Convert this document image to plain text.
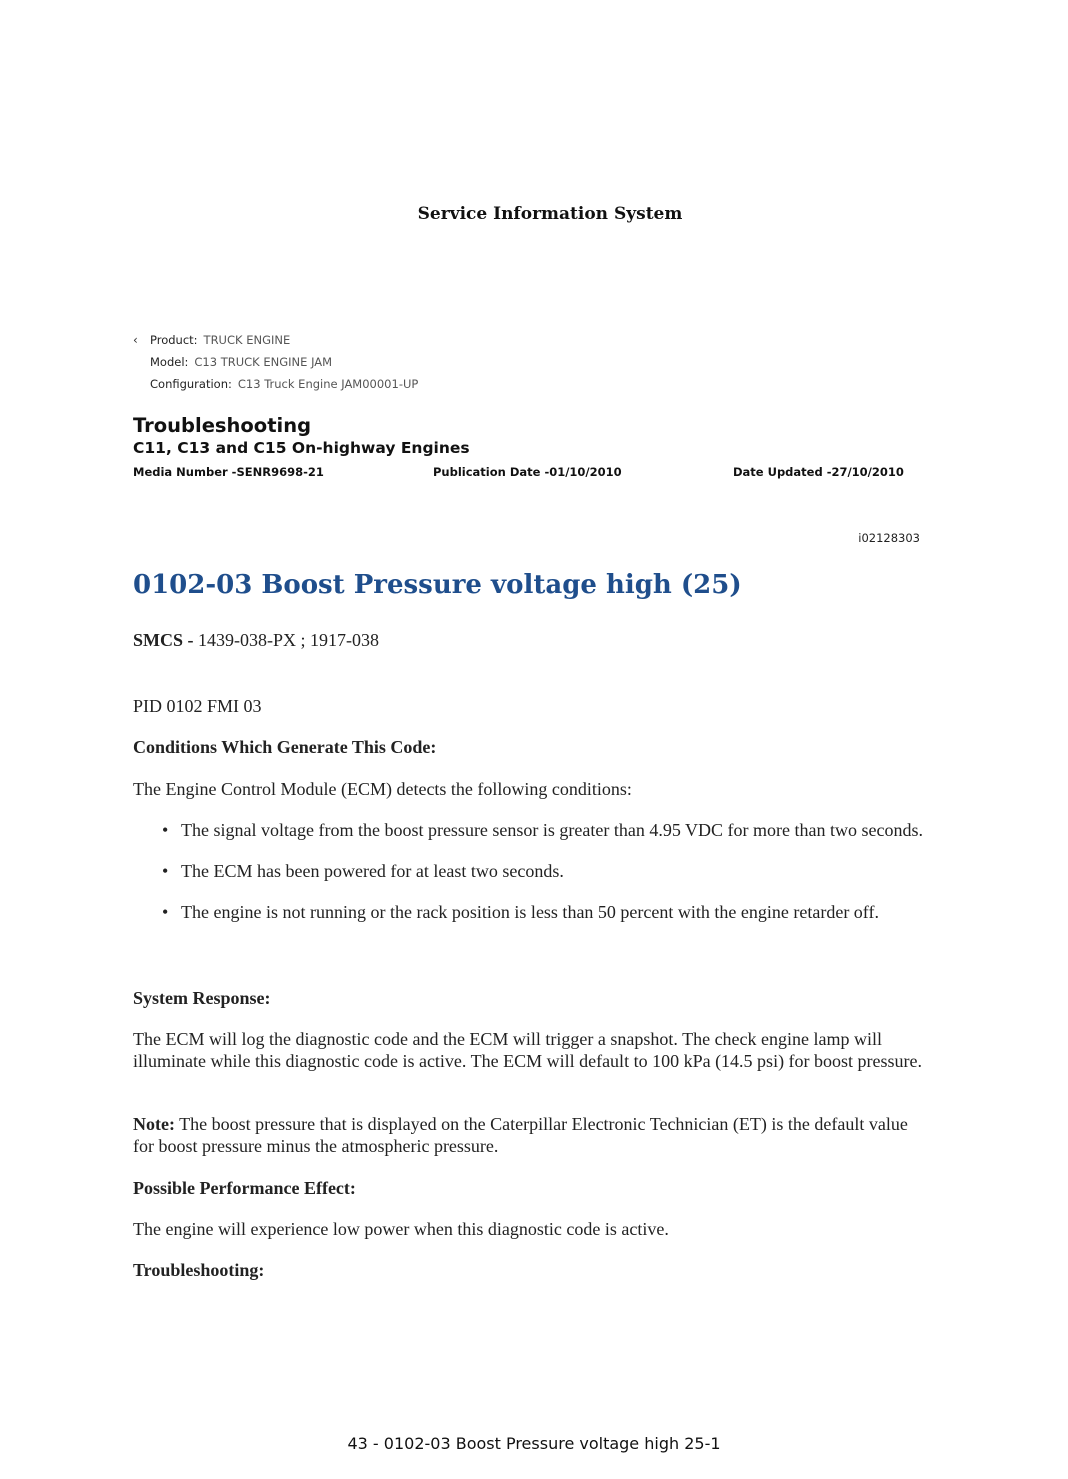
Service Information System
‹	Product: TRUCK ENGINE
Model: C13 TRUCK ENGINE JAM
Configuration: C13 Truck Engine JAM00001-UP
Troubleshooting
C11, C13 and C15 On-highway Engines
Media Number -SENR9698-21	Publication Date -01/10/2010	Date Updated -27/10/2010
i02128303
0102-03 Boost Pressure voltage high (25)
SMCS - 1439-038-PX ; 1917-038
PID 0102 FMI 03
Conditions Which Generate This Code:
The Engine Control Module (ECM) detects the following conditions:
• The signal voltage from the boost pressure sensor is greater than 4.95 VDC for more than two seconds.
• The ECM has been powered for at least two seconds.
• The engine is not running or the rack position is less than 50 percent with the engine retarder off.
System Response:
The ECM will log the diagnostic code and the ECM will trigger a snapshot. The check engine lamp will illuminate while this diagnostic code is active. The ECM will default to 100 kPa (14.5 psi) for boost pressure.
Note: The boost pressure that is displayed on the Caterpillar Electronic Technician (ET) is the default value for boost pressure minus the atmospheric pressure.
Possible Performance Effect:
The engine will experience low power when this diagnostic code is active.
Troubleshooting:
43 - 0102-03 Boost Pressure voltage high 25-1
